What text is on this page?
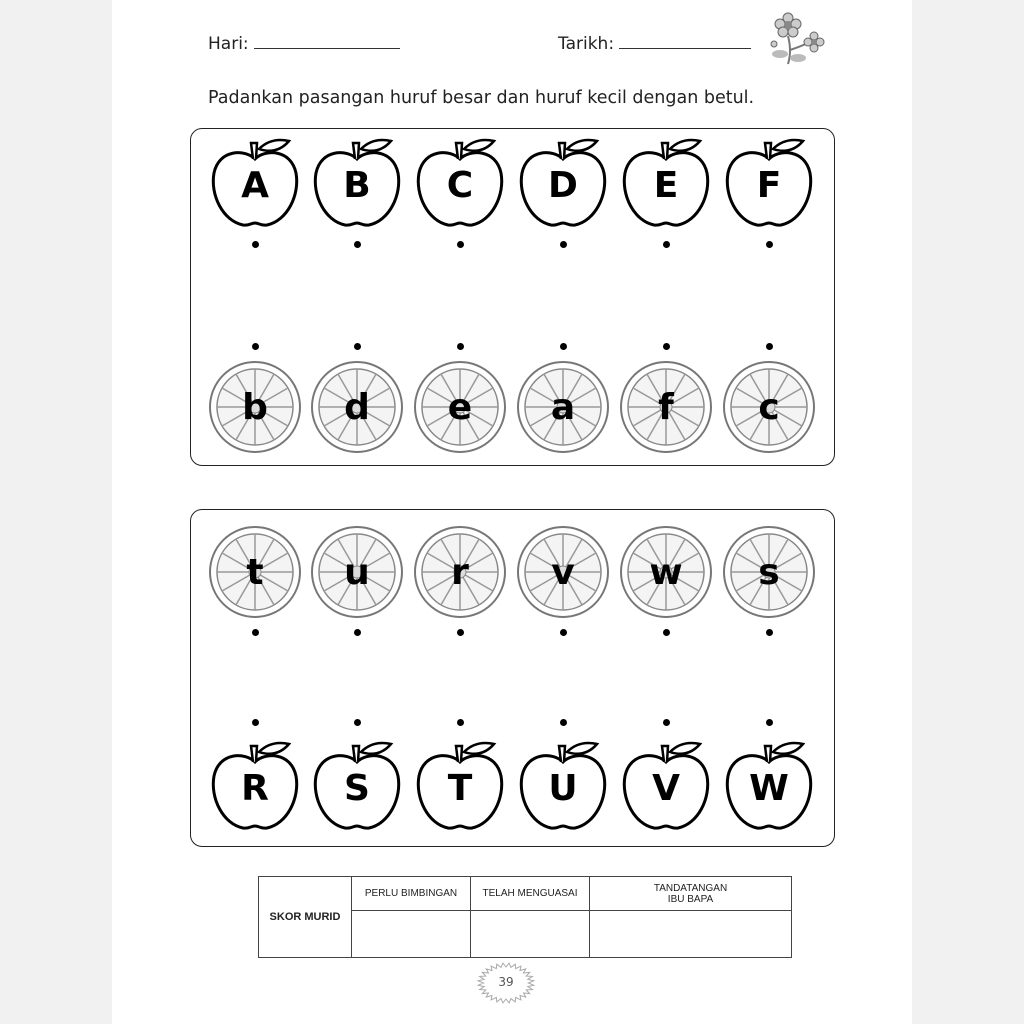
Hari:	Tarikh:
Padankan pasangan huruf besar dan huruf kecil dengan betul.
A
b
t
R
B
d
u
S
C
e
r
T
D
a
v
U
E
f
w
V
F
c
s
W
SKOR MURID	PERLU BIMBINGAN	TELAH MENGUASAI	TANDATANGAN IBU BAPA

39
